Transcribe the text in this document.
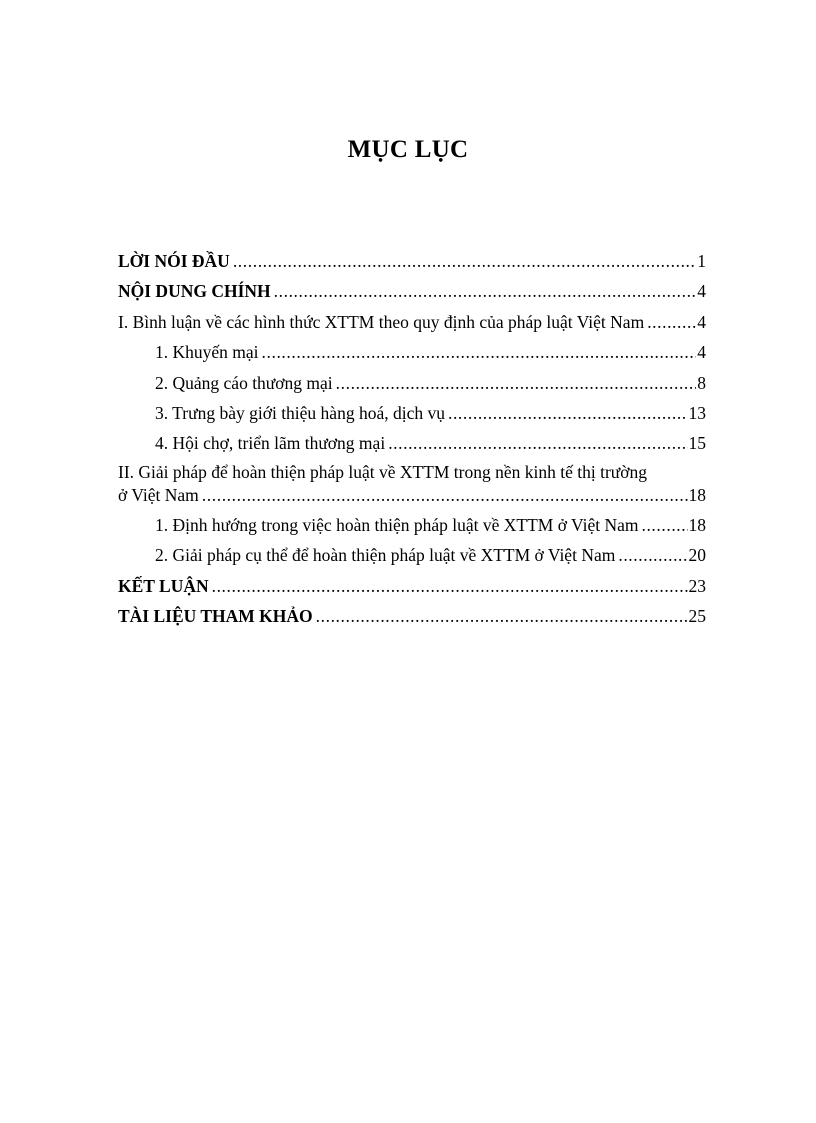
MỤC LỤC
LỜI NÓI ĐẦU .....	1
NỘI DUNG CHÍNH .....	4
I. Bình luận về các hình thức XTTM theo quy định của pháp luật Việt Nam .....	4
1. Khuyến mại .....	4
2. Quảng cáo thương mại .....	8
3. Trưng bày giới thiệu hàng hoá, dịch vụ .....	13
4. Hội chợ, triển lãm thương mại .....	15
II. Giải pháp để hoàn thiện pháp luật về XTTM trong nền kinh tế thị trường
ở Việt Nam .....	18
1. Định hướng trong việc hoàn thiện pháp luật về XTTM ở Việt Nam .....	18
2. Giải pháp cụ thể để hoàn thiện pháp luật về XTTM ở Việt Nam .....	20
KẾT LUẬN .....	23
TÀI LIỆU THAM KHẢO .....	25
